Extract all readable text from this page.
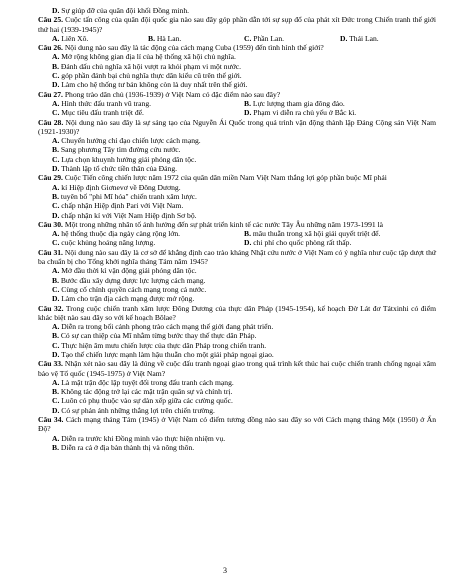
D. Sự giúp đỡ của quân đội khối Đồng minh.
Câu 25. Cuộc tấn công của quân đội quốc gia nào sau đây góp phần dẫn tới sự sụp đổ của phát xít Đức trong Chiến tranh thế giới thứ hai (1939-1945)?
A. Liên Xô.	B. Hà Lan.	C. Phần Lan.	D. Thái Lan.
Câu 26. Nội dung nào sau đây là tác động của cách mạng Cuba (1959) đến tình hình thế giới?
A. Mở rộng không gian địa lí của hệ thống xã hội chủ nghĩa.
B. Đánh dấu chủ nghĩa xã hội vượt ra khỏi phạm vi một nước.
C. góp phần đánh bại chủ nghĩa thực dân kiểu cũ trên thế giới.
D. Làm cho hệ thống tư bản không còn là duy nhất trên thế giới.
Câu 27. Phong trào dân chủ (1936-1939) ở Việt Nam có đặc điểm nào sau đây?
A. Hình thức đấu tranh vũ trang.	B. Lực lượng tham gia đông đảo.
C. Mục tiêu đấu tranh triệt để.	D. Phạm vi diễn ra chủ yếu ở Bắc kì.
Câu 28. Nội dung nào sau đây là sự sáng tạo của Nguyễn Ái Quốc trong quá trình vận động thành lập Đảng Cộng sản Việt Nam (1921-1930)?
A. Chuyển hướng chỉ đạo chiến lược cách mạng.
B. Sang phương Tây tìm đường cứu nước.
C. Lựa chọn khuynh hướng giải phóng dân tộc.
D. Thành lập tổ chức tiền thân của Đảng.
Câu 29. Cuộc Tiến công chiến lược năm 1972 của quân dân miền Nam Việt Nam thắng lợi góp phần buộc Mĩ phải
A. kí Hiệp định Giơnevơ về Đông Dương.
B. tuyên bố "phi Mĩ hóa" chiến tranh xâm lược.
C. chấp nhận Hiệp định Pari với Việt Nam.
D. chấp nhận kí với Việt Nam Hiệp định Sơ bộ.
Câu 30. Một trong những nhân tố ảnh hưởng đến sự phát triển kinh tế các nước Tây Âu những năm 1973-1991 là
A. hệ thống thuộc địa ngày càng rộng lớn.	B. mâu thuẫn trong xã hội giải quyết triệt để.
C. cuộc khủng hoảng năng lượng.	D. chi phí cho quốc phòng rất thấp.
Câu 31. Nội dung nào sau đây là cơ sở để khẳng định cao trào kháng Nhật cứu nước ở Việt Nam có ý nghĩa như cuộc tập dượt thứ ba chuẩn bị cho Tổng khởi nghĩa tháng Tám năm 1945?
A. Mở đầu thời kì vận động giải phóng dân tộc.
B. Bước đầu xây dựng được lực lượng cách mạng.
C. Cùng cố chính quyền cách mạng trong cả nước.
D. Làm cho trận địa cách mạng được mở rộng.
Câu 32. Trong cuộc chiến tranh xâm lược Đông Dương của thực dân Pháp (1945-1954), kế hoạch Đờ Lát đơ Tátxinhi có điểm khác biệt nào sau đây so với kế hoạch Bôlae?
A. Diễn ra trong bối cảnh phong trào cách mạng thế giới đang phát triển.
B. Có sự can thiệp của Mĩ nhằm từng bước thay thế thực dân Pháp.
C. Thực hiện âm mưu chiến lược của thực dân Pháp trong chiến tranh.
D. Tạo thế chiến lược mạnh làm hậu thuẫn cho một giải pháp ngoại giao.
Câu 33. Nhận xét nào sau đây là đúng về cuộc đấu tranh ngoại giao trong quá trình kết thúc hai cuộc chiến tranh chống ngoại xâm bảo vệ Tổ quốc (1945-1975) ở Việt Nam?
A. Là mặt trận độc lập tuyệt đối trong đấu tranh cách mạng.
B. Không tác động trở lại các mặt trận quân sự và chính trị.
C. Luôn có phụ thuộc vào sự dàn xếp giữa các cường quốc.
D. Có sự phản ánh những thắng lợi trên chiến trường.
Câu 34. Cách mạng tháng Tám (1945) ở Việt Nam có điểm tương đồng nào sau đây so với Cách mạng tháng Một (1950) ở Ấn Độ?
A. Diễn ra trước khi Đồng minh vào thực hiện nhiệm vụ.
B. Diễn ra cả ở địa bàn thành thị và nông thôn.
3
